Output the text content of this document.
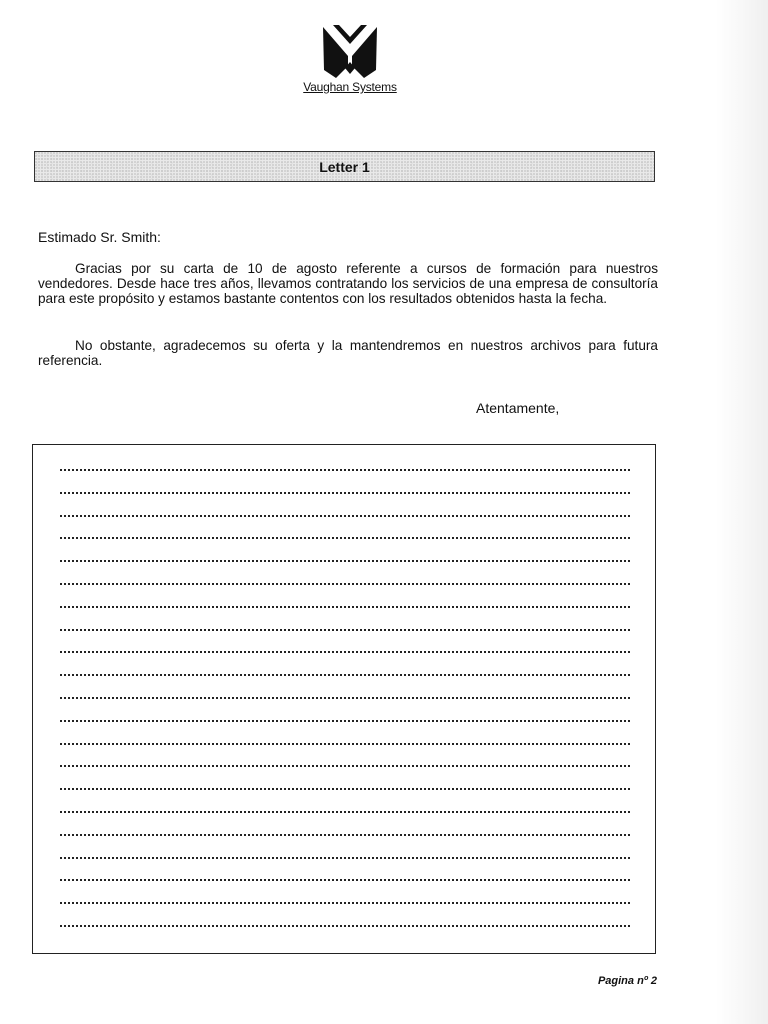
Vaughan Systems
Letter 1
Estimado Sr. Smith:

Gracias por su carta de 10 de agosto referente a cursos de formación para nuestros vendedores. Desde hace tres años, llevamos contratando los servicios de una empresa de consultoría para este propósito y estamos bastante contentos con los resultados obtenidos hasta la fecha.

No obstante, agradecemos su oferta y la mantendremos en nuestros archivos para futura referencia.

Atentamente,
Pagina nº 2
